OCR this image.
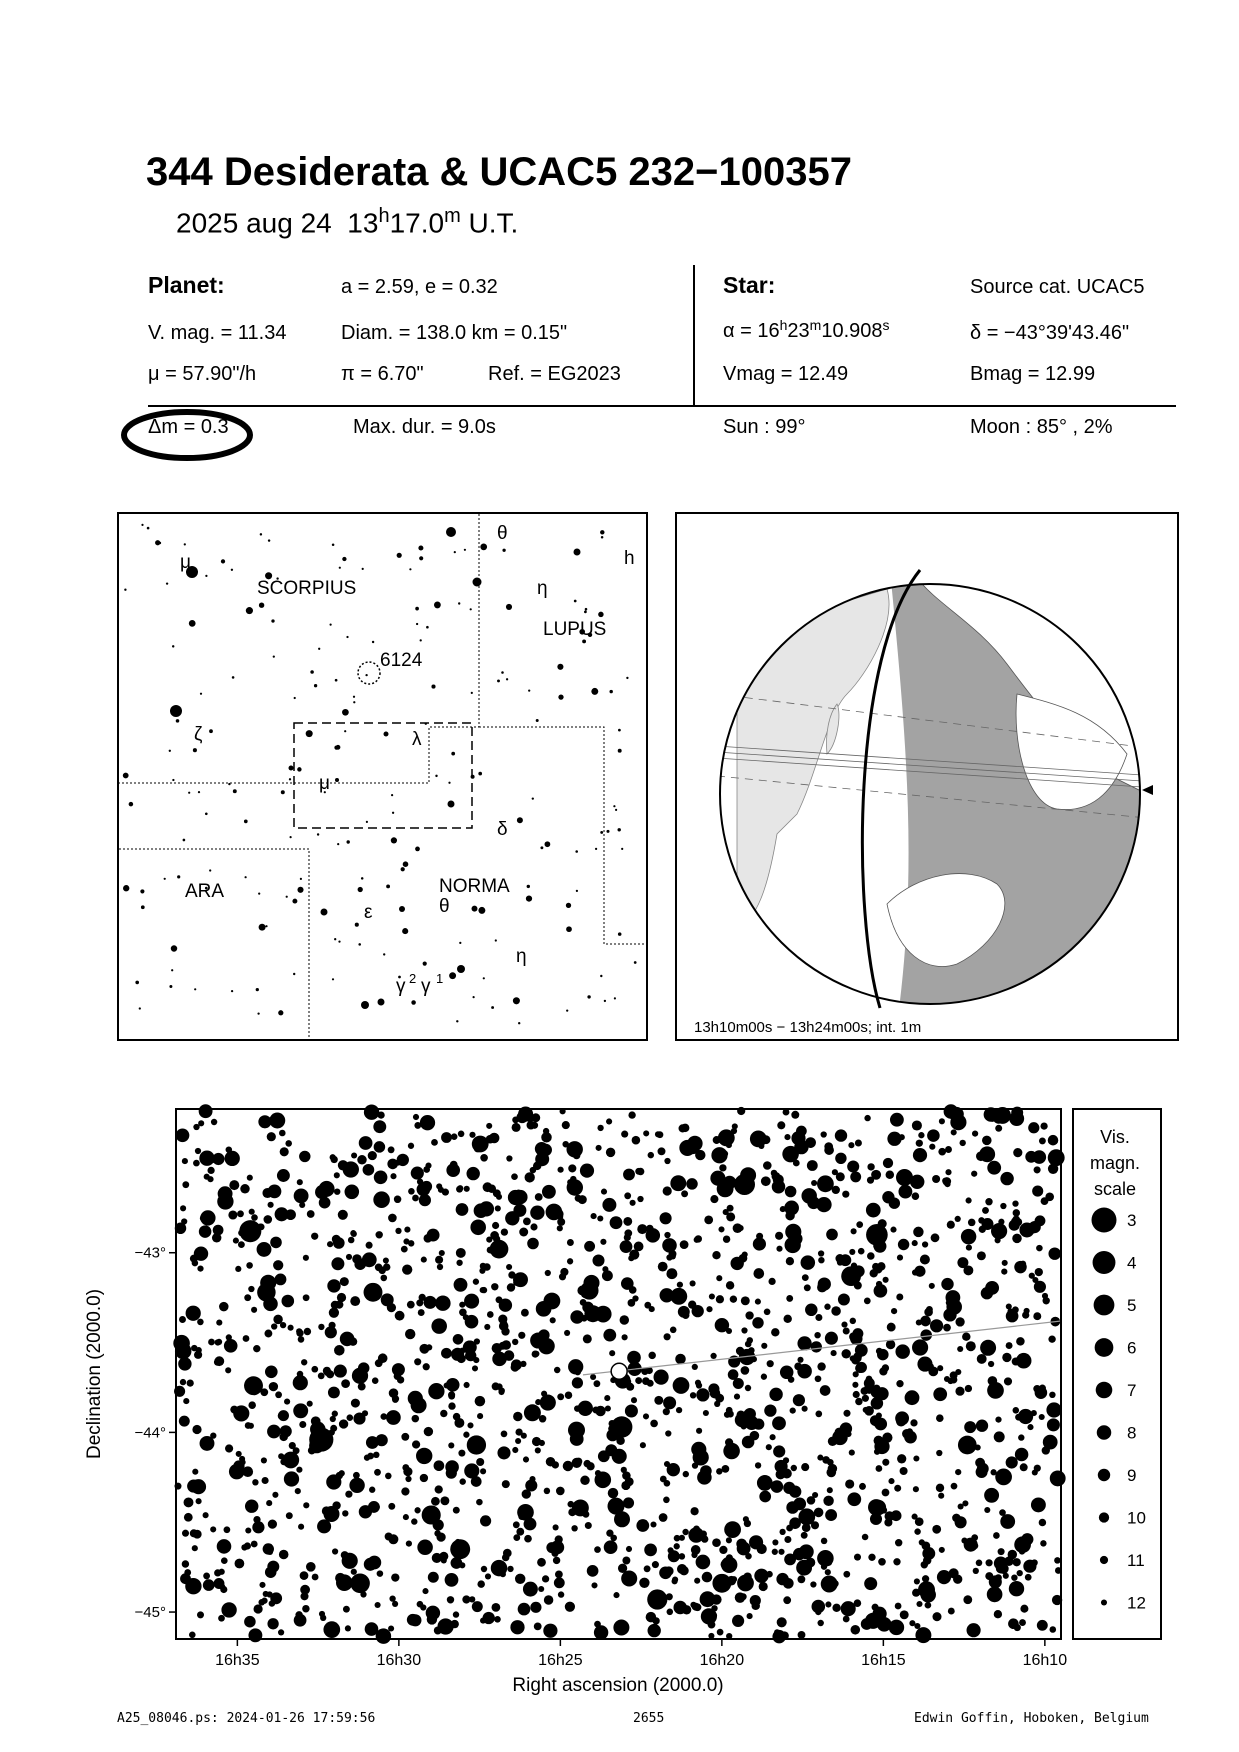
344 Desiderata & UCAC5 232−100357
2025 aug 24 13$^h$17.0$^m$ U.T.
Planet:	a = 2.59, e = 0.32
V. mag. = 11.34	Diam. = 138.0 km = 0.15"
μ = 57.90"/h	π = 6.70"	Ref. = EG2023
Δm = 0.3	Max. dur. = 9.0s
Star:	Source cat. UCAC5
$\alpha = 16^h23^m10.908^s$	δ = −43°39'43.46"
Vmag = 12.49	Bmag = 12.99
Sun : 99°	Moon : 85° , 2%
SCORPIUS
LUPUS
NORMA
ARA
6124
μ
ζ
θ
η
h
λ
μ
δ
ε	θ
η
γ 2 γ 1
13h10m00s − 13h24m00s; int. 1m
16h35	16h30	16h25	16h20	16h15	16h10
−43°
−44°
−45°
Right ascension (2000.0)
Declination (2000.0)
Vis.
magn.
scale
3
4
5
6
7
8
9
10
11
12
A25_08046.ps: 2024-01-26 17:59:56	2655	Edwin Goffin, Hoboken, Belgium
